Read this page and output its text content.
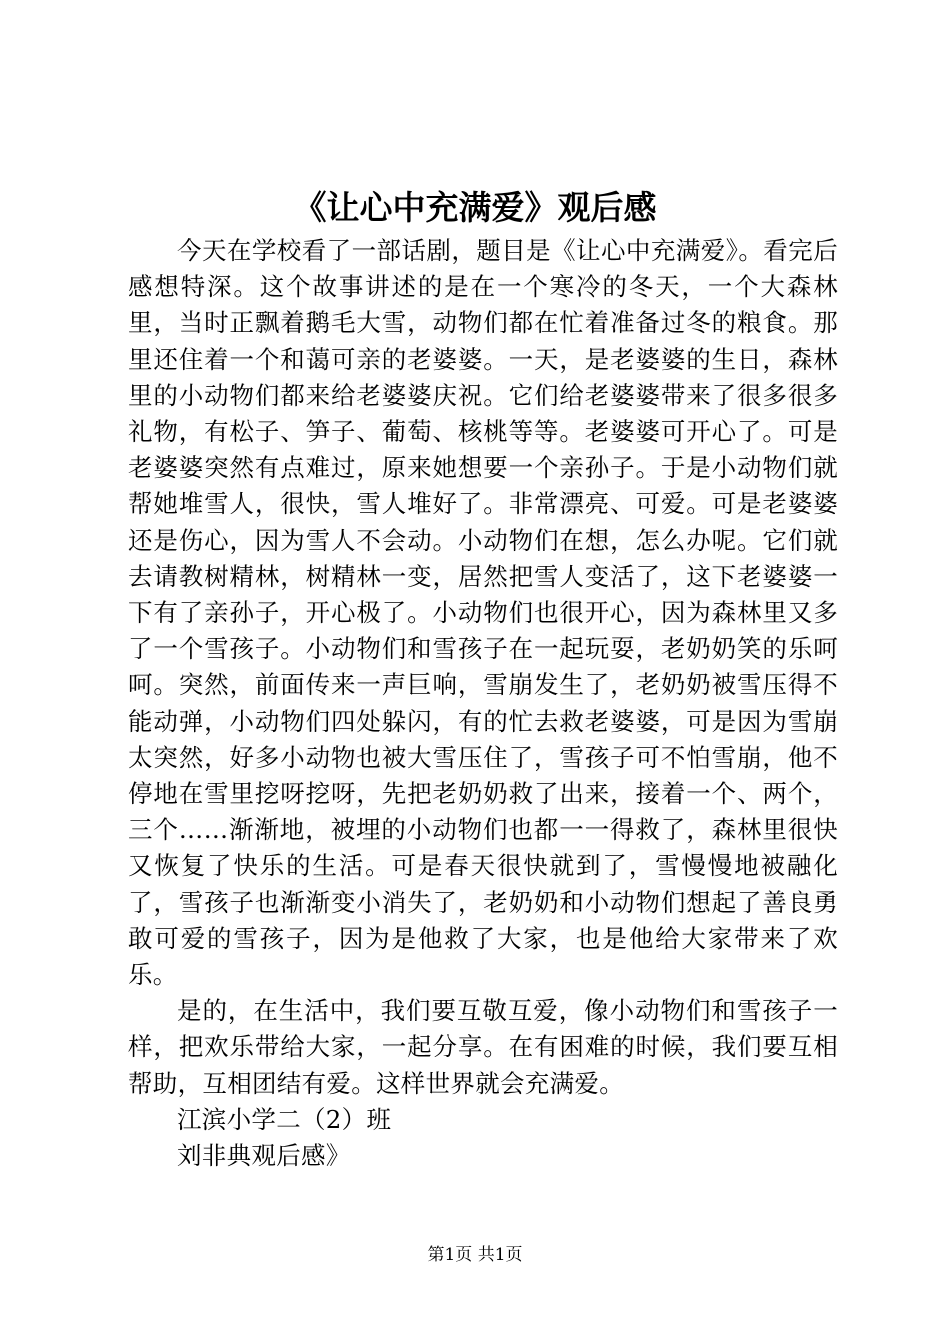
《让心中充满爱》观后感

今天在学校看了一部话剧，题目是《让心中充满爱》。看完后感想特深。这个故事讲述的是在一个寒冷的冬天，一个大森林里，当时正飘着鹅毛大雪，动物们都在忙着准备过冬的粮食。那里还住着一个和蔼可亲的老婆婆。一天，是老婆婆的生日，森林里的小动物们都来给老婆婆庆祝。它们给老婆婆带来了很多很多礼物，有松子、笋子、葡萄、核桃等等。老婆婆可开心了。可是老婆婆突然有点难过，原来她想要一个亲孙子。于是小动物们就帮她堆雪人，很快，雪人堆好了。非常漂亮、可爱。可是老婆婆还是伤心，因为雪人不会动。小动物们在想，怎么办呢。它们就去请教树精林，树精林一变，居然把雪人变活了，这下老婆婆一下有了亲孙子，开心极了。小动物们也很开心，因为森林里又多了一个雪孩子。小动物们和雪孩子在一起玩耍，老奶奶笑的乐呵呵。突然，前面传来一声巨响，雪崩发生了，老奶奶被雪压得不能动弹，小动物们四处躲闪，有的忙去救老婆婆，可是因为雪崩太突然，好多小动物也被大雪压住了，雪孩子可不怕雪崩，他不停地在雪里挖呀挖呀，先把老奶奶救了出来，接着一个、两个，三个……渐渐地，被埋的小动物们也都一一得救了，森林里很快又恢复了快乐的生活。可是春天很快就到了，雪慢慢地被融化了，雪孩子也渐渐变小消失了，老奶奶和小动物们想起了善良勇敢可爱的雪孩子，因为是他救了大家，也是他给大家带来了欢乐。

是的，在生活中，我们要互敬互爱，像小动物们和雪孩子一样，把欢乐带给大家，一起分享。在有困难的时候，我们要互相帮助，互相团结有爱。这样世界就会充满爱。

江滨小学二（2）班

刘非典观后感》

第1页 共1页
